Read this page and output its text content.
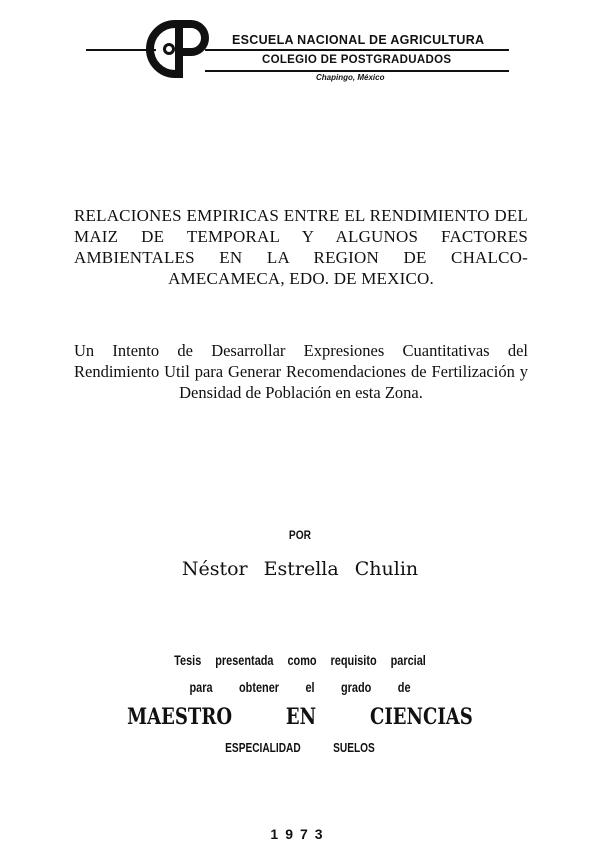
ESCUELA NACIONAL DE AGRICULTURA
COLEGIO DE POSTGRADUADOS
Chapingo, México
RELACIONES EMPIRICAS ENTRE EL RENDIMIENTO DEL MAIZ DE TEMPORAL Y ALGUNOS FACTORES AMBIENTALES EN LA REGION DE CHALCO-AMECAMECA, EDO. DE MEXICO.
Un Intento de Desarrollar Expresiones Cuantitativas del Rendimiento Util para Generar Recomendaciones de Fertilización y Densidad de Población en esta Zona.
POR
Néstor Estrella Chulin
Tesis presentada como requisito parcial
para obtener el grado de
MAESTRO EN CIENCIAS
ESPECIALIDAD SUELOS
1973
